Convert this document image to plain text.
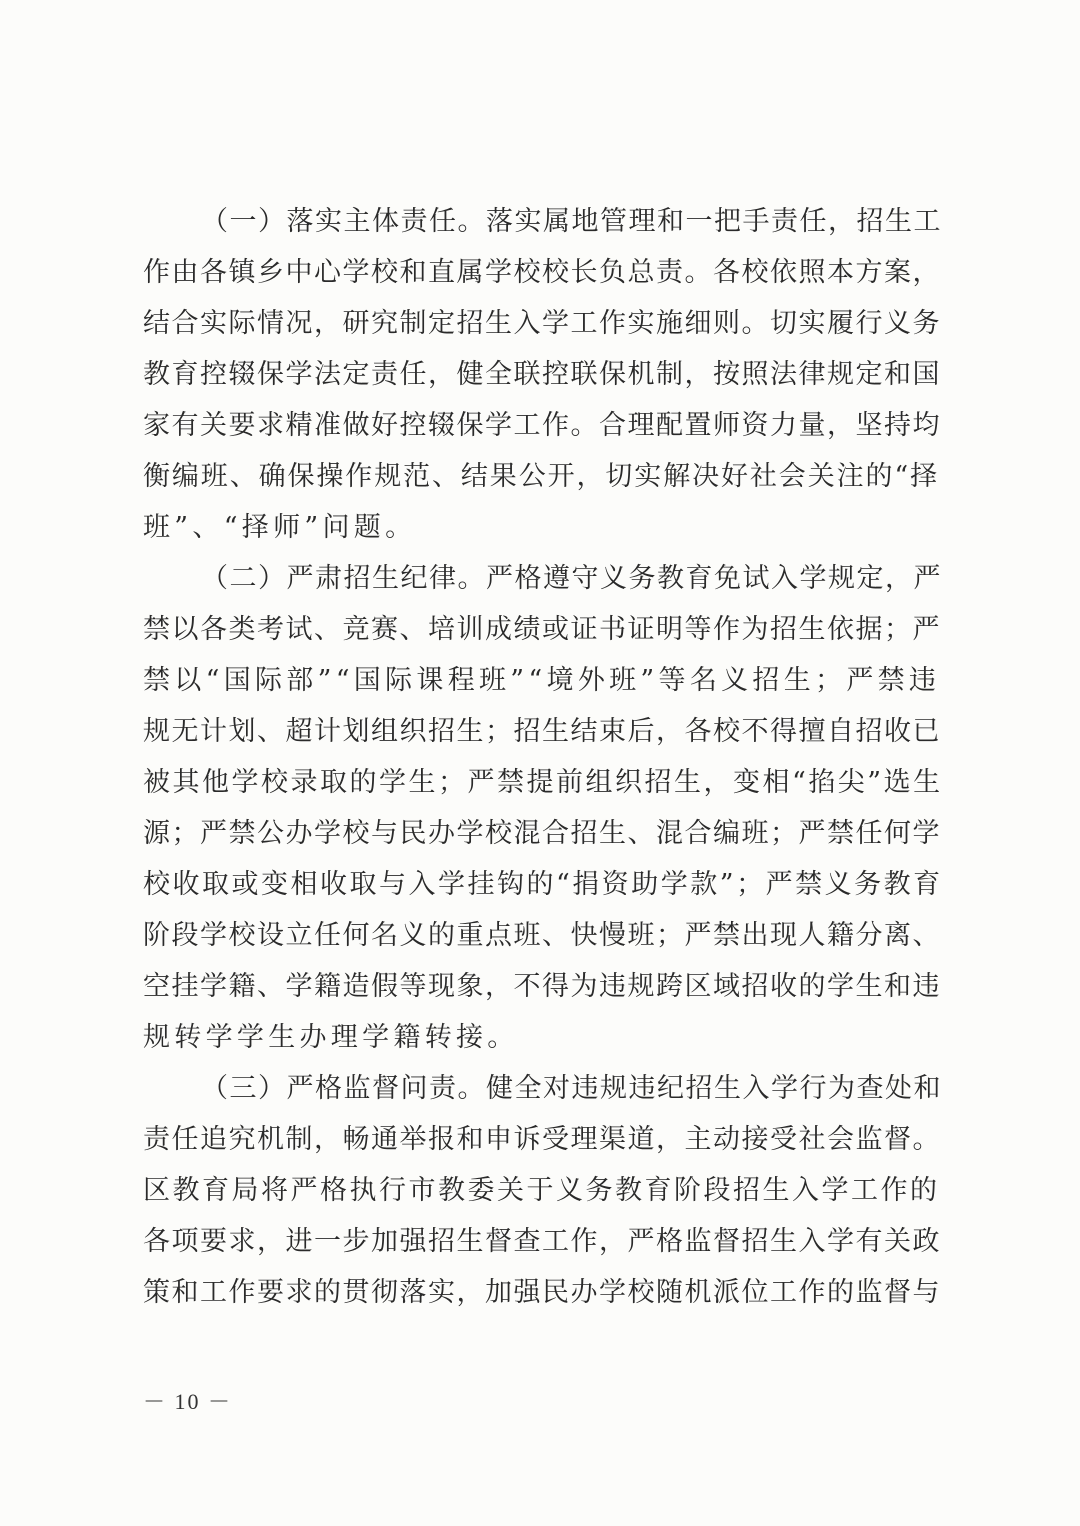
（一）落实主体责任。落实属地管理和一把手责任，招生工
作由各镇乡中心学校和直属学校校长负总责。各校依照本方案，
结合实际情况，研究制定招生入学工作实施细则。切实履行义务
教育控辍保学法定责任，健全联控联保机制，按照法律规定和国
家有关要求精准做好控辍保学工作。合理配置师资力量，坚持均
衡编班、确保操作规范、结果公开，切实解决好社会关注的“择
班”、“择师”问题。
（二）严肃招生纪律。严格遵守义务教育免试入学规定，严
禁以各类考试、竞赛、培训成绩或证书证明等作为招生依据；严
禁以“国际部”“国际课程班”“境外班”等名义招生；严禁违
规无计划、超计划组织招生；招生结束后，各校不得擅自招收已
被其他学校录取的学生；严禁提前组织招生，变相“掐尖”选生
源；严禁公办学校与民办学校混合招生、混合编班；严禁任何学
校收取或变相收取与入学挂钩的“捐资助学款”；严禁义务教育
阶段学校设立任何名义的重点班、快慢班；严禁出现人籍分离、
空挂学籍、学籍造假等现象，不得为违规跨区域招收的学生和违
规转学学生办理学籍转接。
（三）严格监督问责。健全对违规违纪招生入学行为查处和
责任追究机制，畅通举报和申诉受理渠道，主动接受社会监督。
区教育局将严格执行市教委关于义务教育阶段招生入学工作的
各项要求，进一步加强招生督查工作，严格监督招生入学有关政
策和工作要求的贯彻落实，加强民办学校随机派位工作的监督与
－ 10 －
